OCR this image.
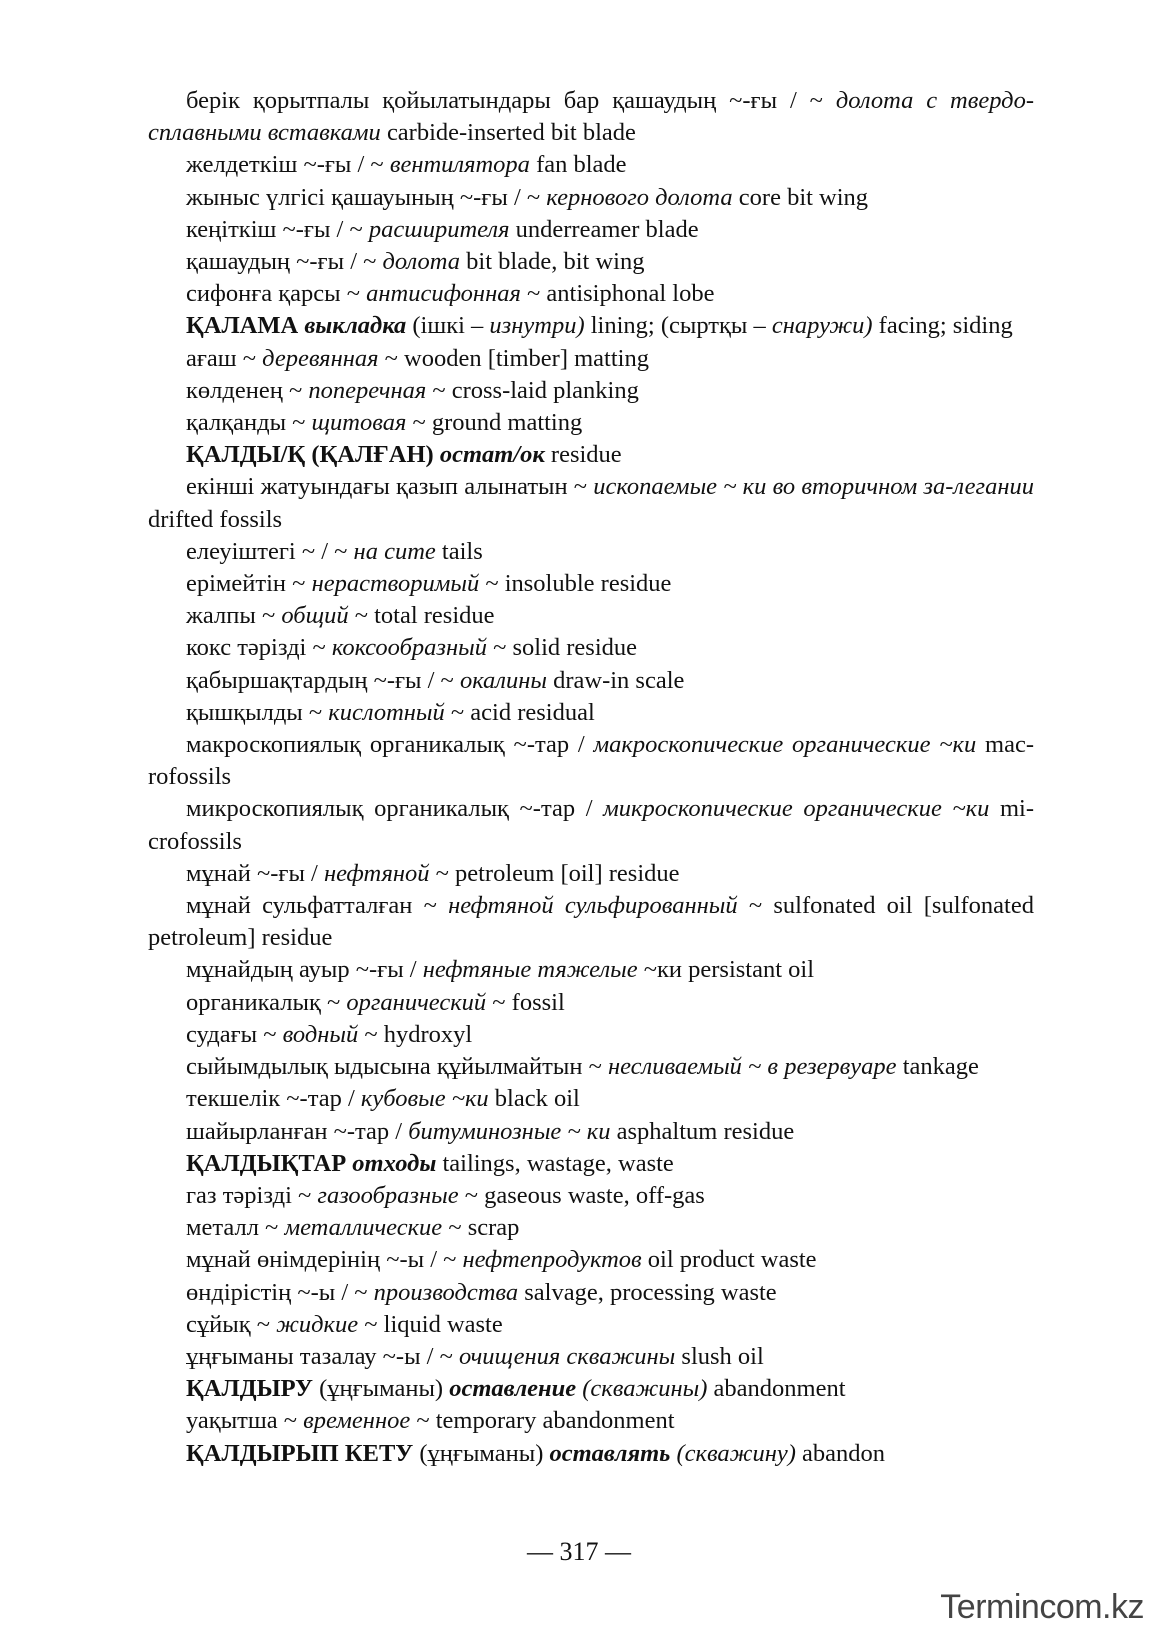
берік қорытпалы қойылатындары бар қашаудың ~-ғы / ~ долота с твердо-сплавными вставками carbide-inserted bit blade

желдеткіш ~-ғы / ~ вентилятора fan blade

жыныс үлгісі қашауының ~-ғы / ~ кернового долота core bit wing

кеңіткіш ~-ғы / ~ расширителя underreamer blade

қашаудың ~-ғы / ~ долота bit blade, bit wing

сифонға қарсы ~ антисифонная ~ antisiphonal lobe

ҚАЛАМА выкладка (ішкі – изнутри) lining; (сыртқы – снаружи) facing; siding

ағаш ~ деревянная ~ wooden [timber] matting

көлденең ~ поперечная ~ cross-laid planking

қалқанды ~ щитовая ~ ground matting

ҚАЛДЫ/Қ (ҚАЛҒАН) остат/ок residue

екінші жатуындағы қазып алынатын ~ ископаемые ~ ки во вторичном за-легании drifted fossils

елеуіштегі ~ / ~ на сите tails

ерімейтін ~ нерастворимый ~ insoluble residue

жалпы ~ общий ~ total residue

кокс тәрізді ~ коксообразный ~ solid residue

қабыршақтардың ~-ғы / ~ окалины draw-in scale

қышқылды ~ кислотный ~ acid residual

макроскопиялық органикалық ~-тар / макроскопические органические ~ки mac-rofossils

микроскопиялық органикалық ~-тар / микроскопические органические ~ки mi-crofossils

мұнай ~-ғы / нефтяной ~ petroleum [oil] residue

мұнай сульфатталған ~ нефтяной сульфированный ~ sulfonated oil [sulfonated petroleum] residue

мұнайдың ауыр ~-ғы / нефтяные тяжелые ~ки persistant oil

органикалық ~ органический ~ fossil

судағы ~ водный ~ hydroxyl

сыйымдылық ыдысына құйылмайтын ~ несливаемый ~ в резервуаре tankage

текшелік ~-тар / кубовые ~ки black oil

шайырланған ~-тар / битуминозные ~ ки asphaltum residue

ҚАЛДЫҚТАР отходы tailings, wastage, waste

газ тәрізді ~ газообразные ~ gaseous waste, off-gas

металл ~ металлические ~ scrap

мұнай өнімдерінің ~-ы / ~ нефтепродуктов oil product waste

өндірістің ~-ы / ~ производства salvage, processing waste

сұйық ~ жидкие ~ liquid waste

ұңғыманы тазалау ~-ы / ~ очищения скважины slush oil

ҚАЛДЫРУ (ұңғыманы) оставление (скважины) abandonment

уақытша ~ временное ~ temporary abandonment

ҚАЛДЫРЫП КЕТУ (ұңғыманы) оставлять (скважину) abandon

— 317 —
Termincom.kz
